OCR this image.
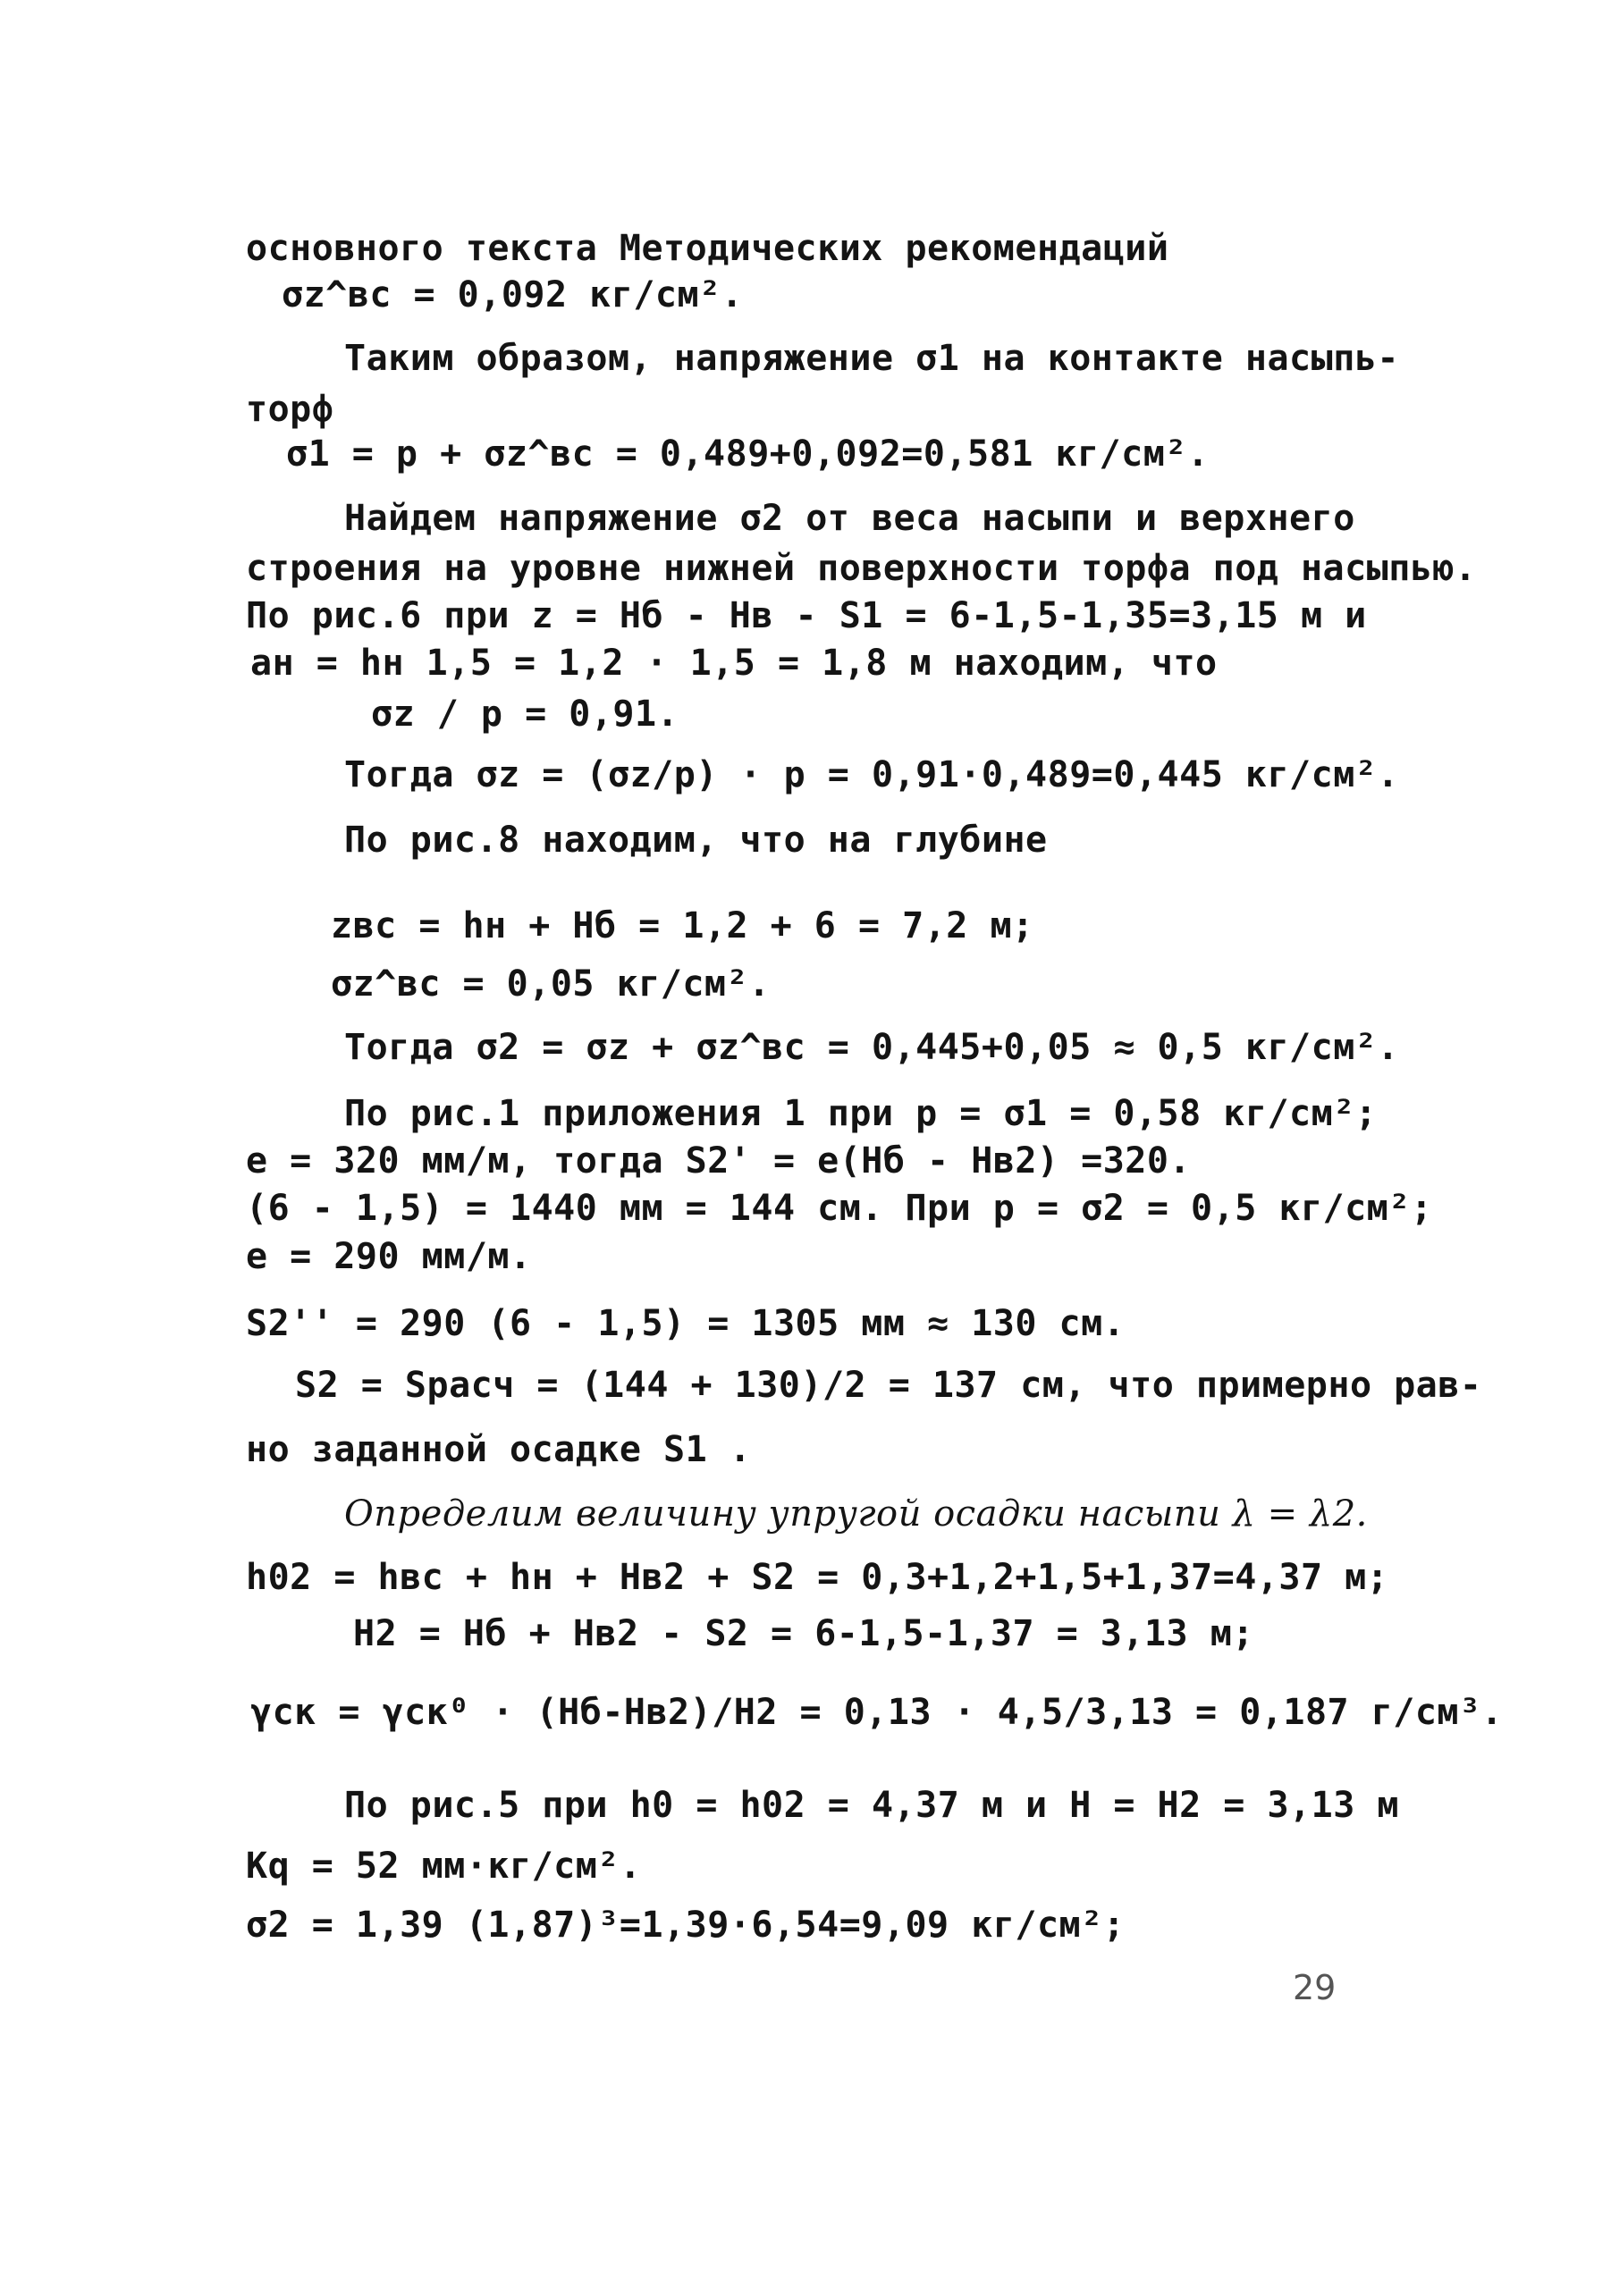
основного текста Методических рекомендаций
σz^вс = 0,092 кг/см².
Таким образом, напряжение σ1 на контакте насыпь-
торф
σ1 = p + σz^вс = 0,489+0,092=0,581 кг/см².
Найдем напряжение σ2 от веса насыпи и верхнего
строения на уровне нижней поверхности торфа под насыпью.
По рис.6 при z = Hб - Hв - S1 = 6-1,5-1,35=3,15 м и
aн = hн 1,5 = 1,2 · 1,5 = 1,8 м находим, что
σz / p = 0,91.
Тогда σz = (σz/p) · p = 0,91·0,489=0,445 кг/см².
По рис.8 находим, что на глубине
zвс = hн + Hб = 1,2 + 6 = 7,2 м;
σz^вс = 0,05 кг/см².
Тогда σ2 = σz + σz^вс = 0,445+0,05 ≈ 0,5 кг/см².
По рис.1 приложения 1 при p = σ1 = 0,58 кг/см²;
e = 320 мм/м, тогда S2' = e(Hб - Hв2) =320.
(6 - 1,5) = 1440 мм = 144 см. При p = σ2 = 0,5 кг/см²;
e = 290 мм/м.
S2'' = 290 (6 - 1,5) = 1305 мм ≈ 130 см.
S2 = Sрасч = (144 + 130)/2 = 137 см, что примерно рав-
но заданной осадке S1 .
Определим величину упругой осадки насыпи λ = λ2.
h02 = hвс + hн + Hв2 + S2 = 0,3+1,2+1,5+1,37=4,37 м;
H2 = Hб + Hв2 - S2 = 6-1,5-1,37 = 3,13 м;
γск = γск⁰ · (Hб-Hв2)/H2 = 0,13 · 4,5/3,13 = 0,187 г/см³.
По рис.5 при h0 = h02 = 4,37 м и H = H2 = 3,13 м
Kq = 52 мм·кг/см².
σ2 = 1,39 (1,87)³=1,39·6,54=9,09 кг/см²;
29
